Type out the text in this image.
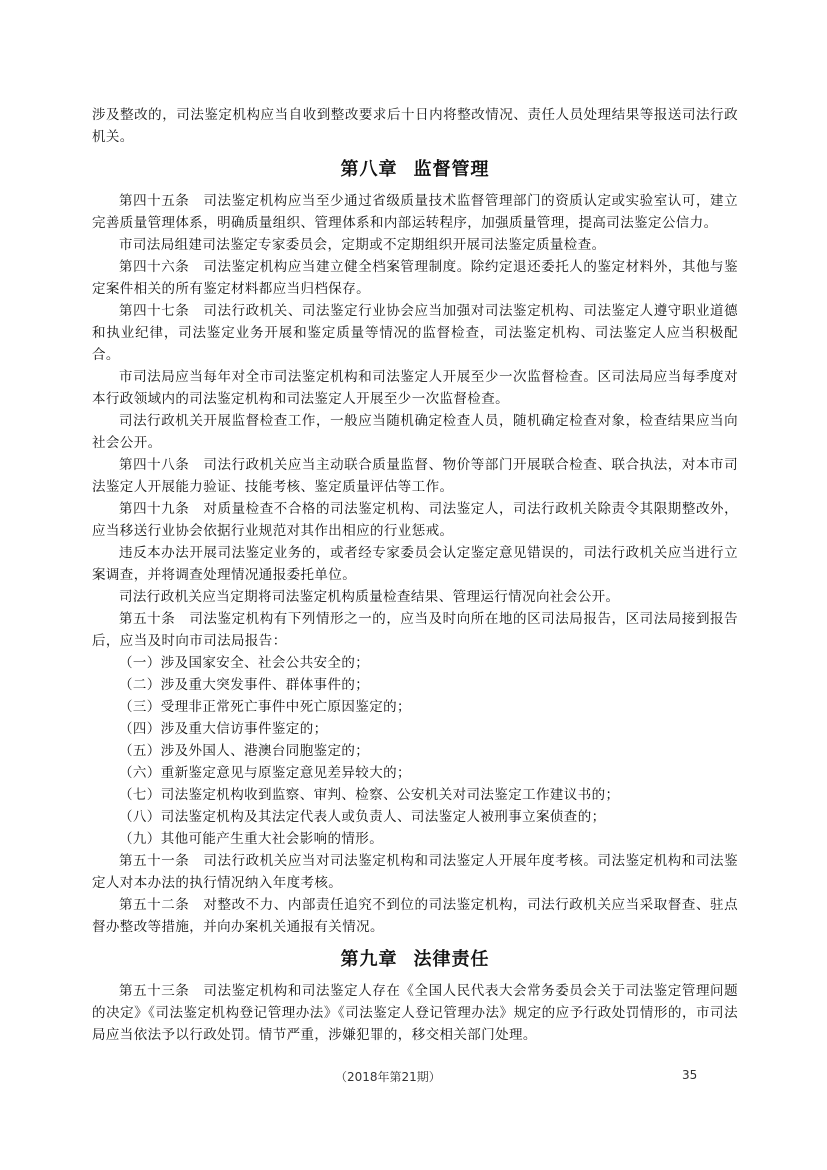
涉及整改的，司法鉴定机构应当自收到整改要求后十日内将整改情况、责任人员处理结果等报送司法行政机关。

第八章 监督管理

第四十五条　司法鉴定机构应当至少通过省级质量技术监督管理部门的资质认定或实验室认可，建立完善质量管理体系，明确质量组织、管理体系和内部运转程序，加强质量管理，提高司法鉴定公信力。

市司法局组建司法鉴定专家委员会，定期或不定期组织开展司法鉴定质量检查。

第四十六条　司法鉴定机构应当建立健全档案管理制度。除约定退还委托人的鉴定材料外，其他与鉴定案件相关的所有鉴定材料都应当归档保存。

第四十七条　司法行政机关、司法鉴定行业协会应当加强对司法鉴定机构、司法鉴定人遵守职业道德和执业纪律，司法鉴定业务开展和鉴定质量等情况的监督检查，司法鉴定机构、司法鉴定人应当积极配合。

市司法局应当每年对全市司法鉴定机构和司法鉴定人开展至少一次监督检查。区司法局应当每季度对本行政领域内的司法鉴定机构和司法鉴定人开展至少一次监督检查。

司法行政机关开展监督检查工作，一般应当随机确定检查人员，随机确定检查对象，检查结果应当向社会公开。

第四十八条　司法行政机关应当主动联合质量监督、物价等部门开展联合检查、联合执法，对本市司法鉴定人开展能力验证、技能考核、鉴定质量评估等工作。

第四十九条　对质量检查不合格的司法鉴定机构、司法鉴定人，司法行政机关除责令其限期整改外，应当移送行业协会依据行业规范对其作出相应的行业惩戒。

违反本办法开展司法鉴定业务的，或者经专家委员会认定鉴定意见错误的，司法行政机关应当进行立案调查，并将调查处理情况通报委托单位。

司法行政机关应当定期将司法鉴定机构质量检查结果、管理运行情况向社会公开。

第五十条　司法鉴定机构有下列情形之一的，应当及时向所在地的区司法局报告，区司法局接到报告后，应当及时向市司法局报告：

（一）涉及国家安全、社会公共安全的；

（二）涉及重大突发事件、群体事件的；

（三）受理非正常死亡事件中死亡原因鉴定的；

（四）涉及重大信访事件鉴定的；

（五）涉及外国人、港澳台同胞鉴定的；

（六）重新鉴定意见与原鉴定意见差异较大的；

（七）司法鉴定机构收到监察、审判、检察、公安机关对司法鉴定工作建议书的；

（八）司法鉴定机构及其法定代表人或负责人、司法鉴定人被刑事立案侦查的；

（九）其他可能产生重大社会影响的情形。

第五十一条　司法行政机关应当对司法鉴定机构和司法鉴定人开展年度考核。司法鉴定机构和司法鉴定人对本办法的执行情况纳入年度考核。

第五十二条　对整改不力、内部责任追究不到位的司法鉴定机构，司法行政机关应当采取督查、驻点督办整改等措施，并向办案机关通报有关情况。

第九章 法律责任

第五十三条　司法鉴定机构和司法鉴定人存在《全国人民代表大会常务委员会关于司法鉴定管理问题的决定》《司法鉴定机构登记管理办法》《司法鉴定人登记管理办法》规定的应予行政处罚情形的，市司法局应当依法予以行政处罚。情节严重，涉嫌犯罪的，移交相关部门处理。

（2018年第21期）	35
